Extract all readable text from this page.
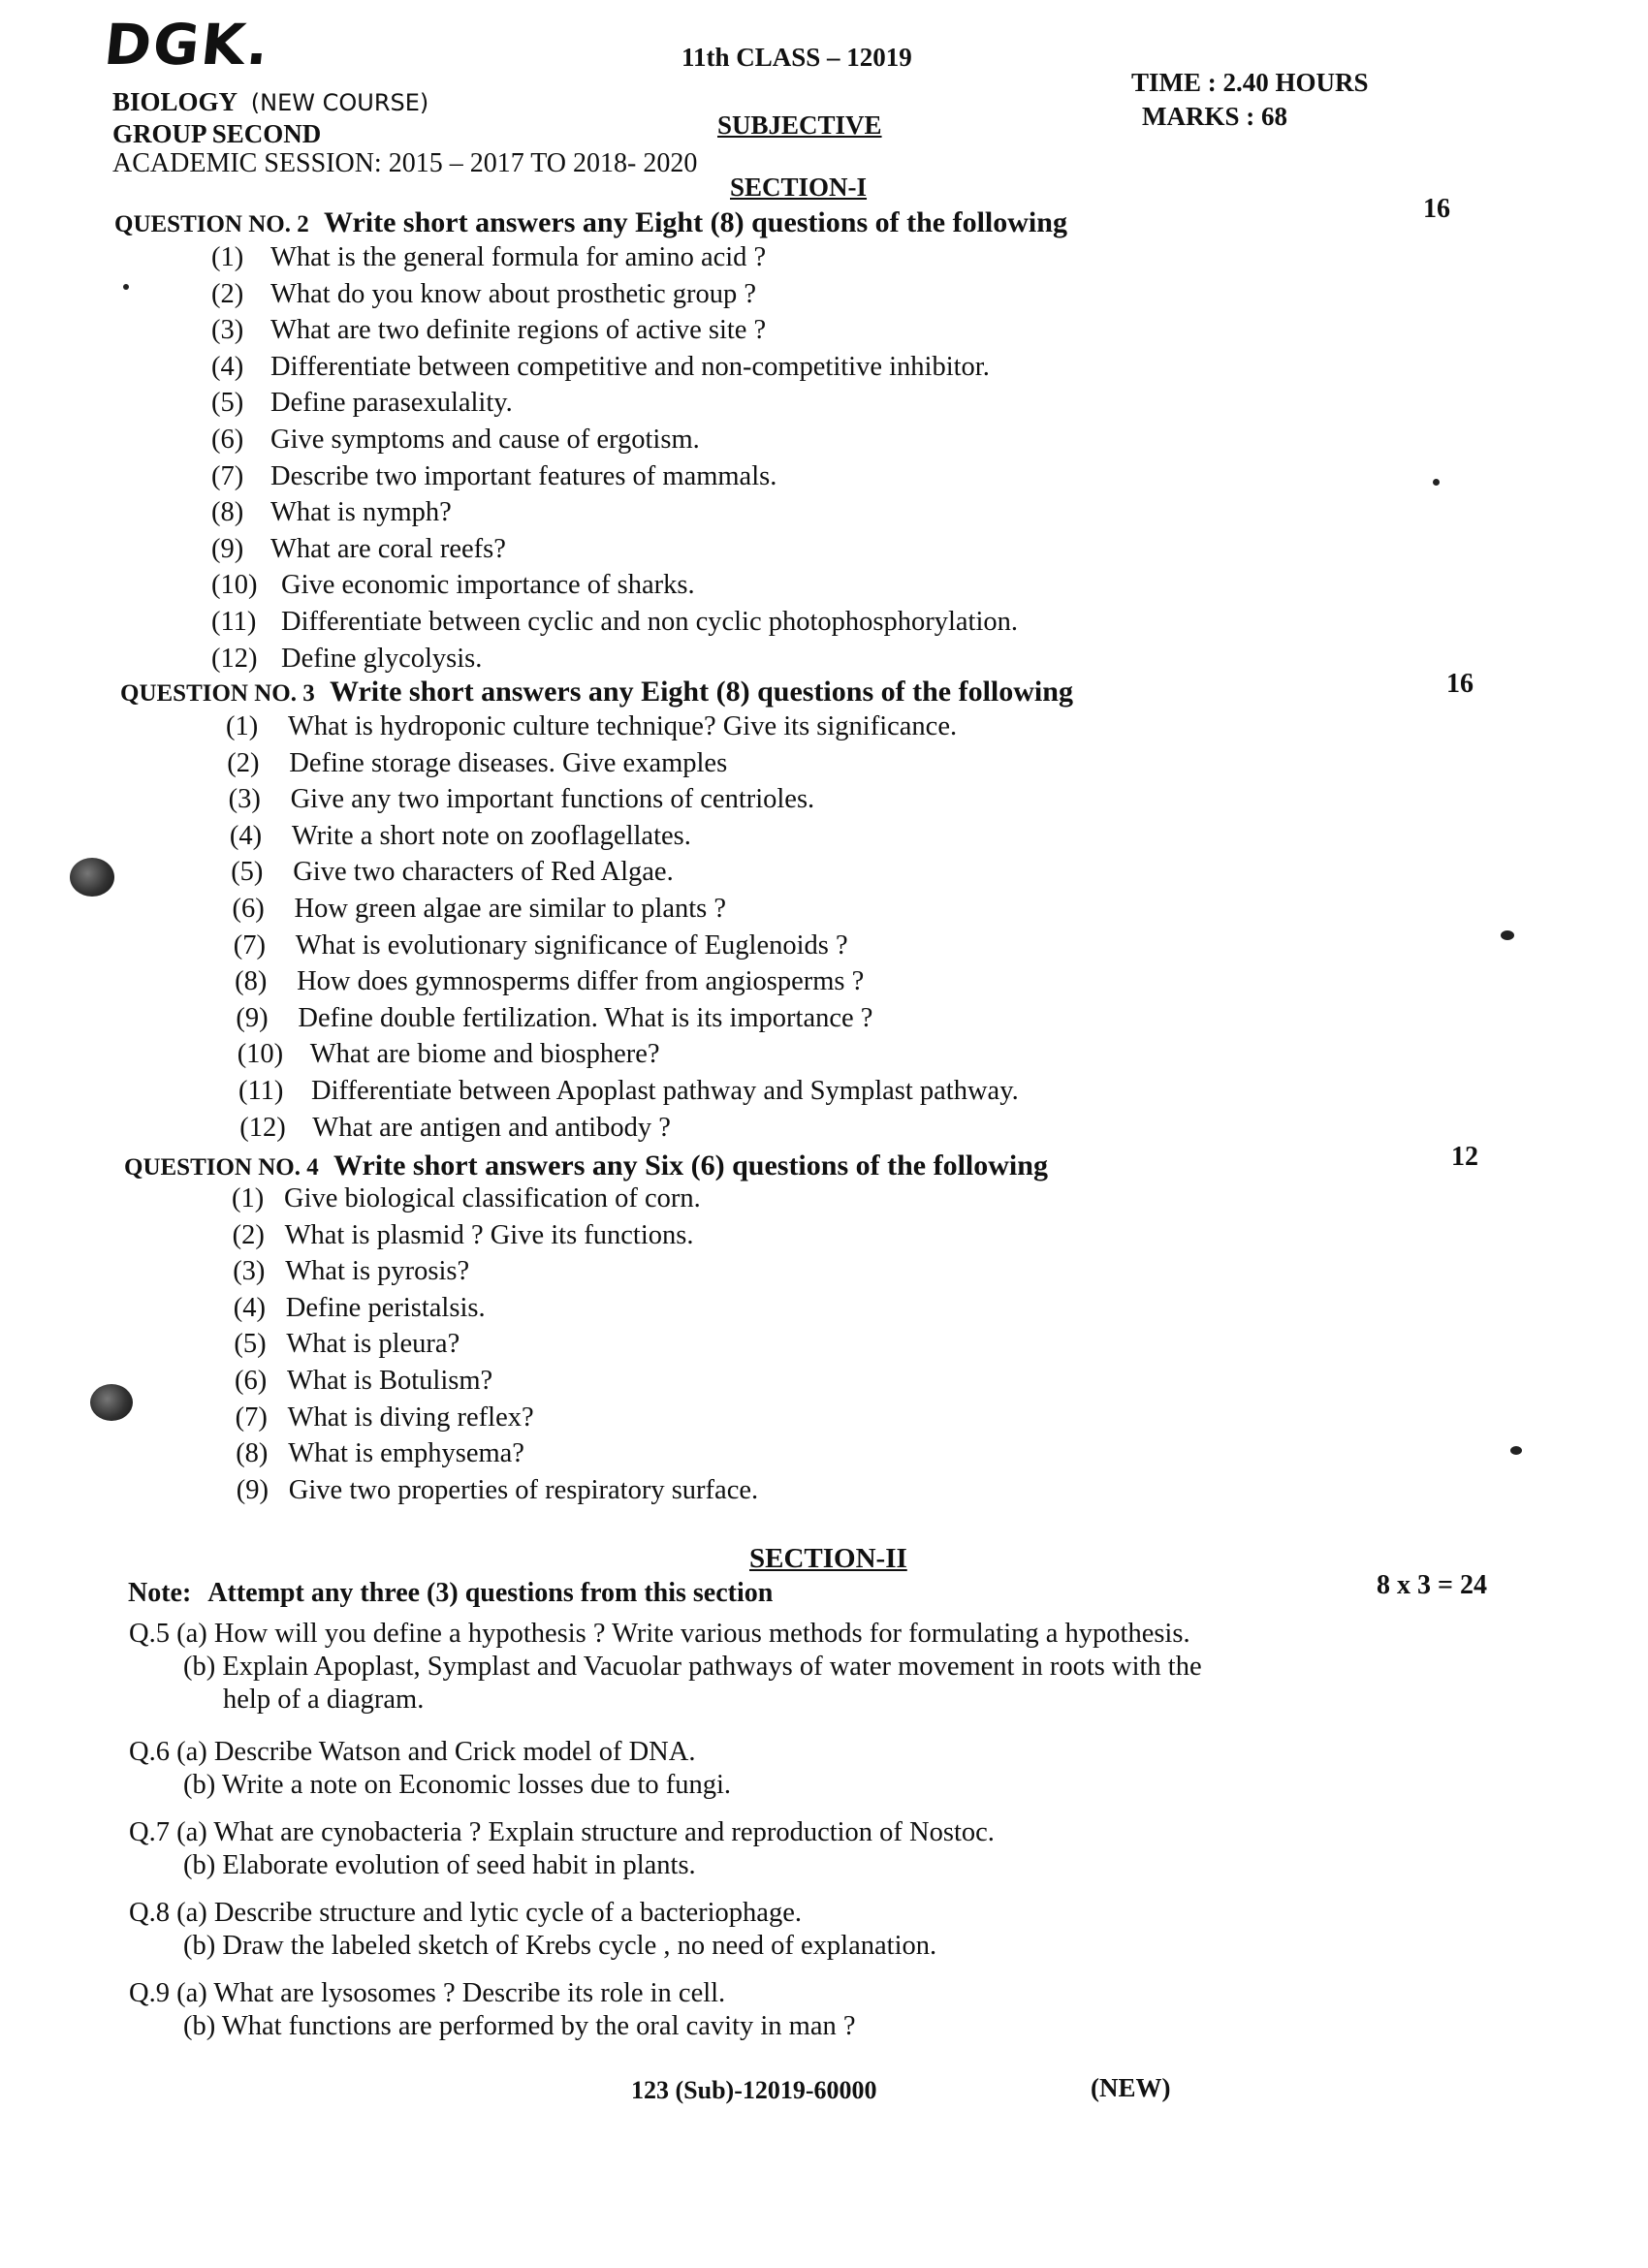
DGK.	11th CLASS – 12019
BIOLOGY (NEW COURSE)
TIME : 2.40 HOURS
MARKS : 68
GROUP SECOND	SUBJECTIVE
ACADEMIC SESSION: 2015 – 2017 TO 2018- 2020
SECTION-I
QUESTION NO. 2 Write short answers any Eight (8) questions of the following	16
(1) What is the general formula for amino acid ?
(2) What do you know about prosthetic group ?
(3) What are two definite regions of active site ?
(4) Differentiate between competitive and non-competitive inhibitor.
(5) Define parasexulality.
(6) Give symptoms and cause of ergotism.
(7) Describe two important features of mammals.
(8) What is nymph?
(9) What are coral reefs?
(10) Give economic importance of sharks.
(11) Differentiate between cyclic and non cyclic photophosphorylation.
(12) Define glycolysis.
QUESTION NO. 3 Write short answers any Eight (8) questions of the following	16
(1) What is hydroponic culture technique? Give its significance.
(2) Define storage diseases. Give examples
(3) Give any two important functions of centrioles.
(4) Write a short note on zooflagellates.
(5) Give two characters of Red Algae.
(6) How green algae are similar to plants ?
(7) What is evolutionary significance of Euglenoids ?
(8) How does gymnosperms differ from angiosperms ?
(9) Define double fertilization. What is its importance ?
(10) What are biome and biosphere?
(11) Differentiate between Apoplast pathway and Symplast pathway.
(12) What are antigen and antibody ?
QUESTION NO. 4 Write short answers any Six (6) questions of the following	12
(1) Give biological classification of corn.
(2) What is plasmid ? Give its functions.
(3) What is pyrosis?
(4) Define peristalsis.
(5) What is pleura?
(6) What is Botulism?
(7) What is diving reflex?
(8) What is emphysema?
(9) Give two properties of respiratory surface.
SECTION-II
Note: Attempt any three (3) questions from this section	8 x 3 = 24
Q.5 (a) How will you define a hypothesis ? Write various methods for formulating a hypothesis.
(b) Explain Apoplast, Symplast and Vacuolar pathways of water movement in roots with the
help of a diagram.
Q.6 (a) Describe Watson and Crick model of DNA.
(b) Write a note on Economic losses due to fungi.
Q.7 (a) What are cynobacteria ? Explain structure and reproduction of Nostoc.
(b) Elaborate evolution of seed habit in plants.
Q.8 (a) Describe structure and lytic cycle of a bacteriophage.
(b) Draw the labeled sketch of Krebs cycle , no need of explanation.
Q.9 (a) What are lysosomes ? Describe its role in cell.
(b) What functions are performed by the oral cavity in man ?
123 (Sub)-12019-60000	(NEW)
